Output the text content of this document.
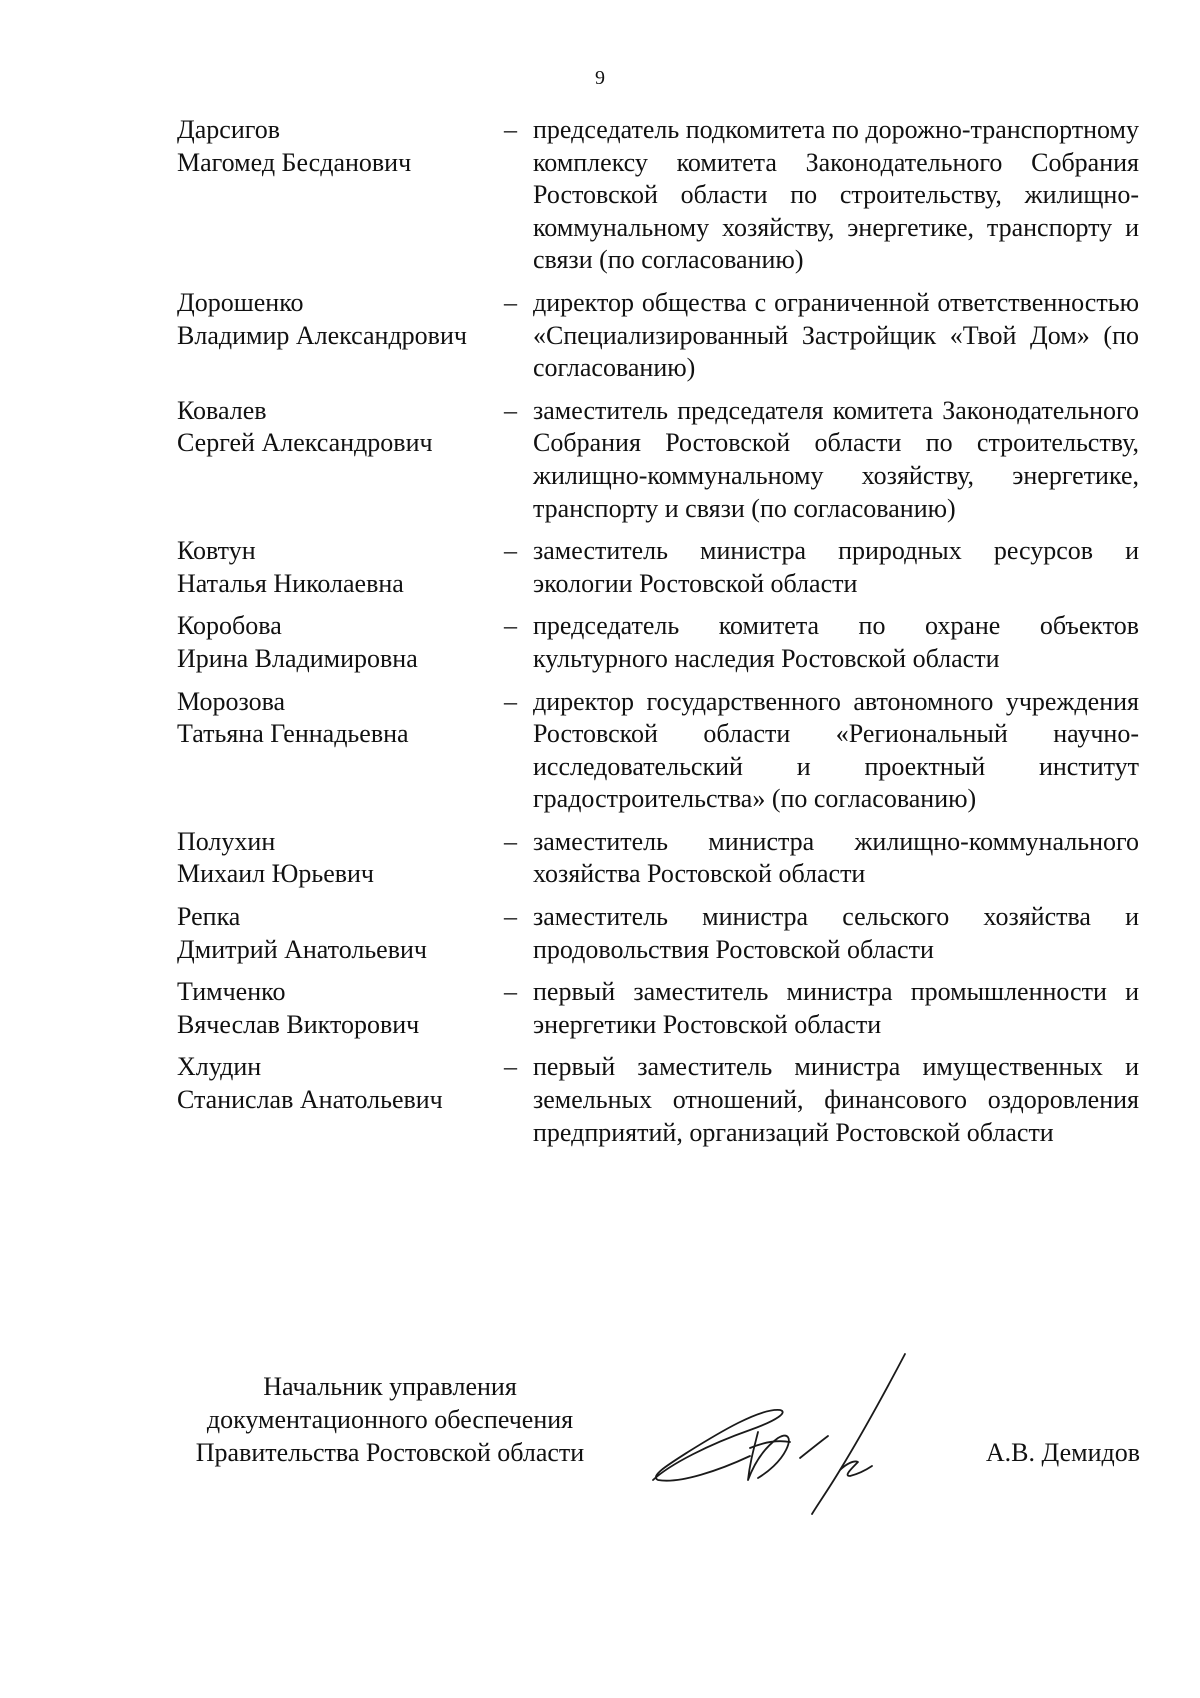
9
Дарсигов
Магомед Бесданович
– председатель подкомитета по дорожно-транспортному комплексу комитета Законодательного Собрания Ростовской области по строительству, жилищно-коммунальному хозяйству, энергетике, транспорту и связи (по согласованию)
Дорошенко
Владимир Александрович
– директор общества с ограниченной ответственностью «Специализированный Застройщик «Твой Дом» (по согласованию)
Ковалев
Сергей Александрович
– заместитель председателя комитета Законодательного Собрания Ростовской области по строительству, жилищно-коммунальному хозяйству, энергетике, транспорту и связи (по согласованию)
Ковтун
Наталья Николаевна
– заместитель министра природных ресурсов и экологии Ростовской области
Коробова
Ирина Владимировна
– председатель комитета по охране объектов культурного наследия Ростовской области
Морозова
Татьяна Геннадьевна
– директор государственного автономного учреждения Ростовской области «Региональный научно-исследовательский и проектный институт градостроительства» (по согласованию)
Полухин
Михаил Юрьевич
– заместитель министра жилищно-коммунального хозяйства Ростовской области
Репка
Дмитрий Анатольевич
– заместитель министра сельского хозяйства и продовольствия Ростовской области
Тимченко
Вячеслав Викторович
– первый заместитель министра промышленности и энергетики Ростовской области
Хлудин
Станислав Анатольевич
– первый заместитель министра имущественных и земельных отношений, финансового оздоровления предприятий, организаций Ростовской области
Начальник управления
документационного обеспечения
Правительства Ростовской области	А.В. Демидов
